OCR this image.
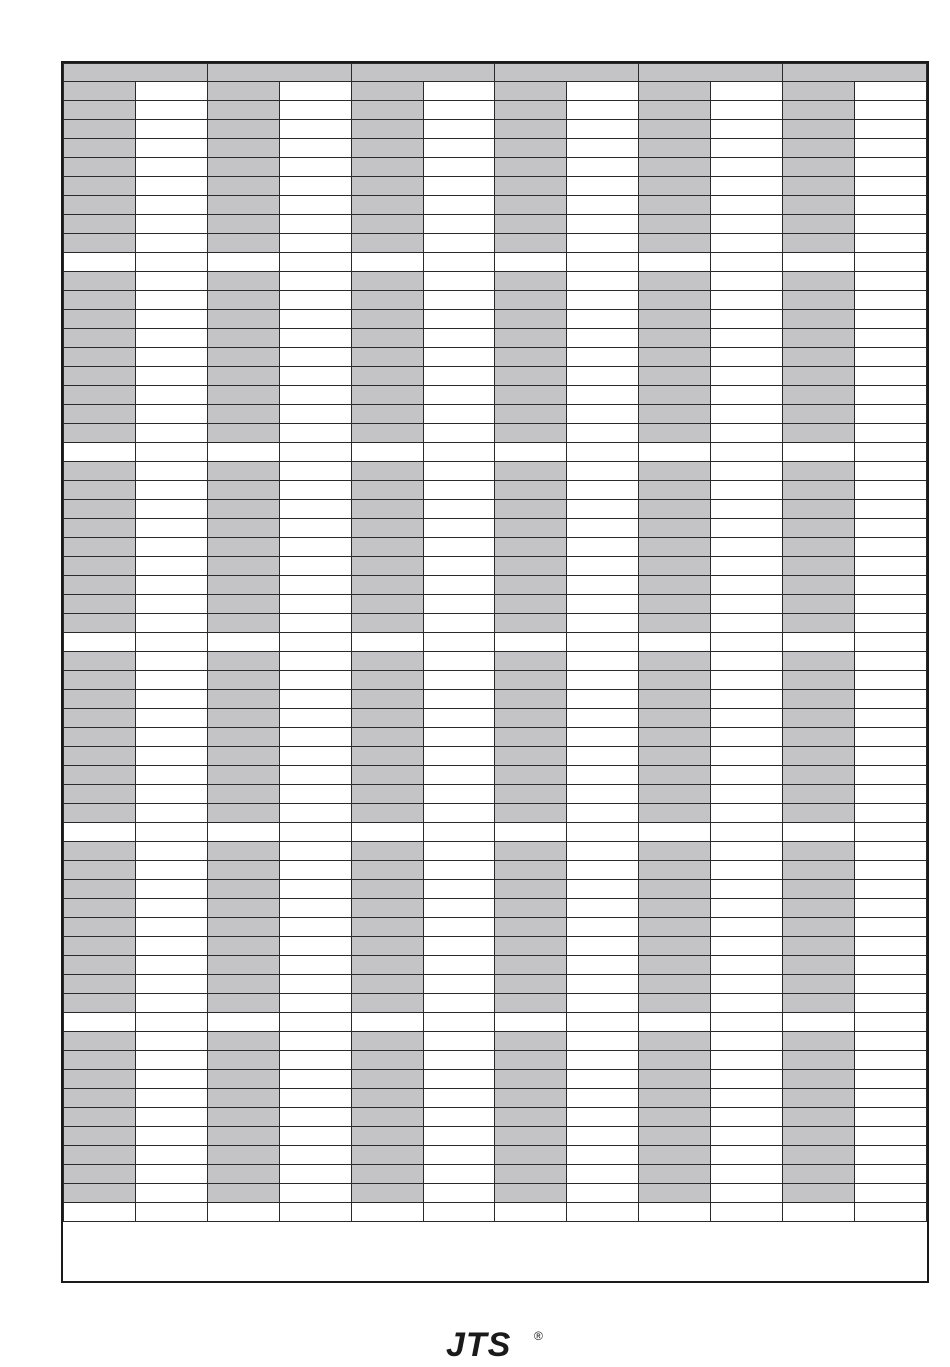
JTS ®
